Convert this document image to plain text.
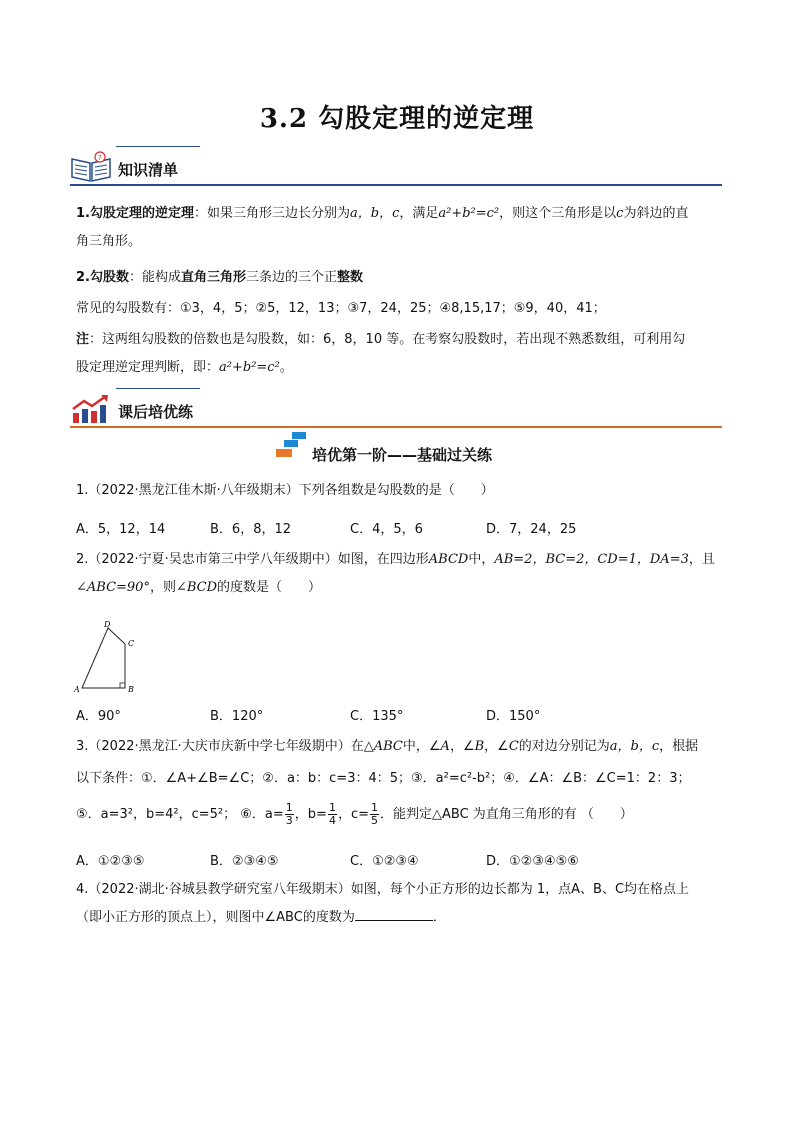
3.2 勾股定理的逆定理
?
知识清单
1.勾股定理的逆定理：如果三角形三边长分别为a，b，c，满足a²+b²=c²，则这个三角形是以c为斜边的直
角三角形。
2.勾股数：能构成直角三角形三条边的三个正整数
常见的勾股数有：①3，4，5；②5，12，13；③7，24，25；④8,15,17；⑤9，40，41；
注：这两组勾股数的倍数也是勾股数，如：6，8，10 等。在考察勾股数时，若出现不熟悉数组，可利用勾
股定理逆定理判断，即：a²+b²=c²。
课后培优练
培优第一阶——基础过关练
1.（2022·黑龙江佳木斯·八年级期末）下列各组数是勾股数的是（　　）
A．5，12，14	B．6，8，12	C．4，5，6	D．7，24，25
2.（2022·宁夏·吴忠市第三中学八年级期中）如图，在四边形ABCD中，AB=2，BC=2，CD=1，DA=3，且
∠ABC=90°，则∠BCD的度数是（　　）
D
C
A	B
A．90°	B．120°	C．135°	D．150°
3.（2022·黑龙江·大庆市庆新中学七年级期中）在△ABC中，∠A，∠B，∠C的对边分别记为a，b，c，根据
以下条件：①．∠A+∠B=∠C；②．a：b：c=3：4：5；③．a²=c²-b²；④．∠A：∠B：∠C=1：2：3；
⑤．a=3²，b=4²，c=5²； ⑥．$a= \frac{1}{3}$ ，$b= \frac{1}{4}$ ，$c= \frac{1}{5}$ ．能判定△ABC 为直角三角形的有 （　　）
A．①②③⑤	B．②③④⑤	C．①②③④	D．①②③④⑤⑥
4.（2022·湖北·谷城县教学研究室八年级期末）如图，每个小正方形的边长都为 1，点A、B、C均在格点上
（即小正方形的顶点上），则图中∠ABC的度数为	．
